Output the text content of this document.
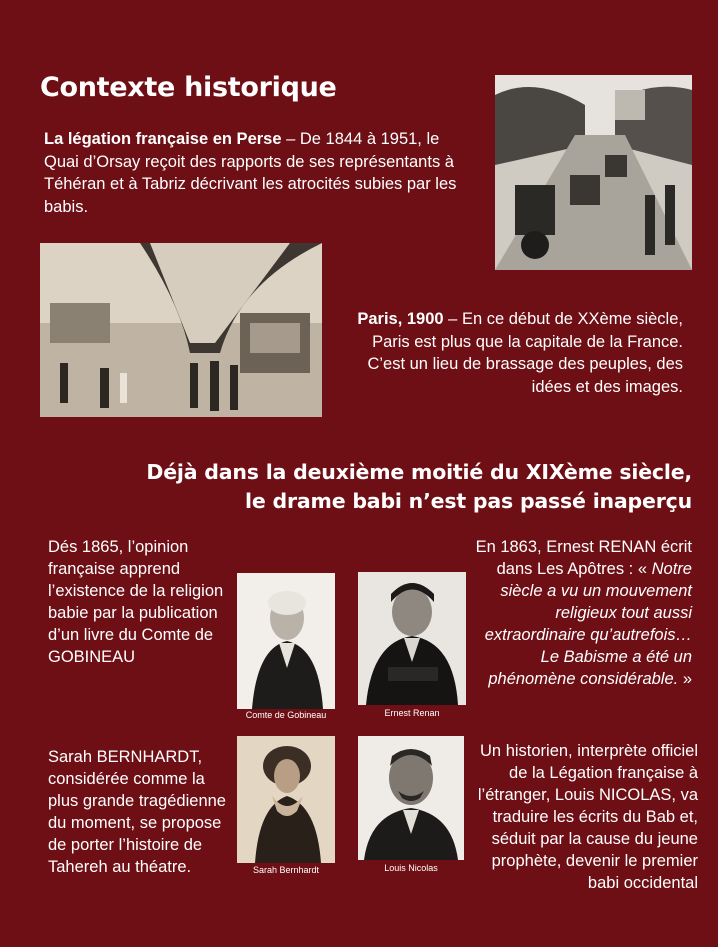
Contexte historique
La légation française en Perse – De 1844 à 1951, le Quai d’Orsay reçoit des rapports de ses représentants à Téhéran et à Tabriz décrivant les atrocités subies par les babis.
Paris, 1900 – En ce début de XXème siècle, Paris est plus que la capitale de la France. C’est un lieu de brassage des peuples, des idées et des images.
Déjà dans la deuxième moitié du XIXème siècle,
le drame babi n’est pas passé inaperçu
Dés 1865, l’opinion française apprend l’existence de la religion babie par la publication d’un livre du Comte de GOBINEAU
Comte de Gobineau	Ernest Renan
En 1863, Ernest RENAN écrit dans Les Apôtres : « Notre siècle a vu un mouvement religieux tout aussi extraordinaire qu’autrefois… Le Babisme a été un phénomène considérable. »
Sarah BERNHARDT, considérée comme la plus grande tragédienne du moment, se propose de porter l’histoire de Tahereh au théatre.	Sarah Bernhardt	Louis Nicolas
Un historien, interprète officiel de la Légation française à l’étranger, Louis NICOLAS, va traduire les écrits du Bab et, séduit par la cause du jeune prophète, devenir le premier babi occidental
